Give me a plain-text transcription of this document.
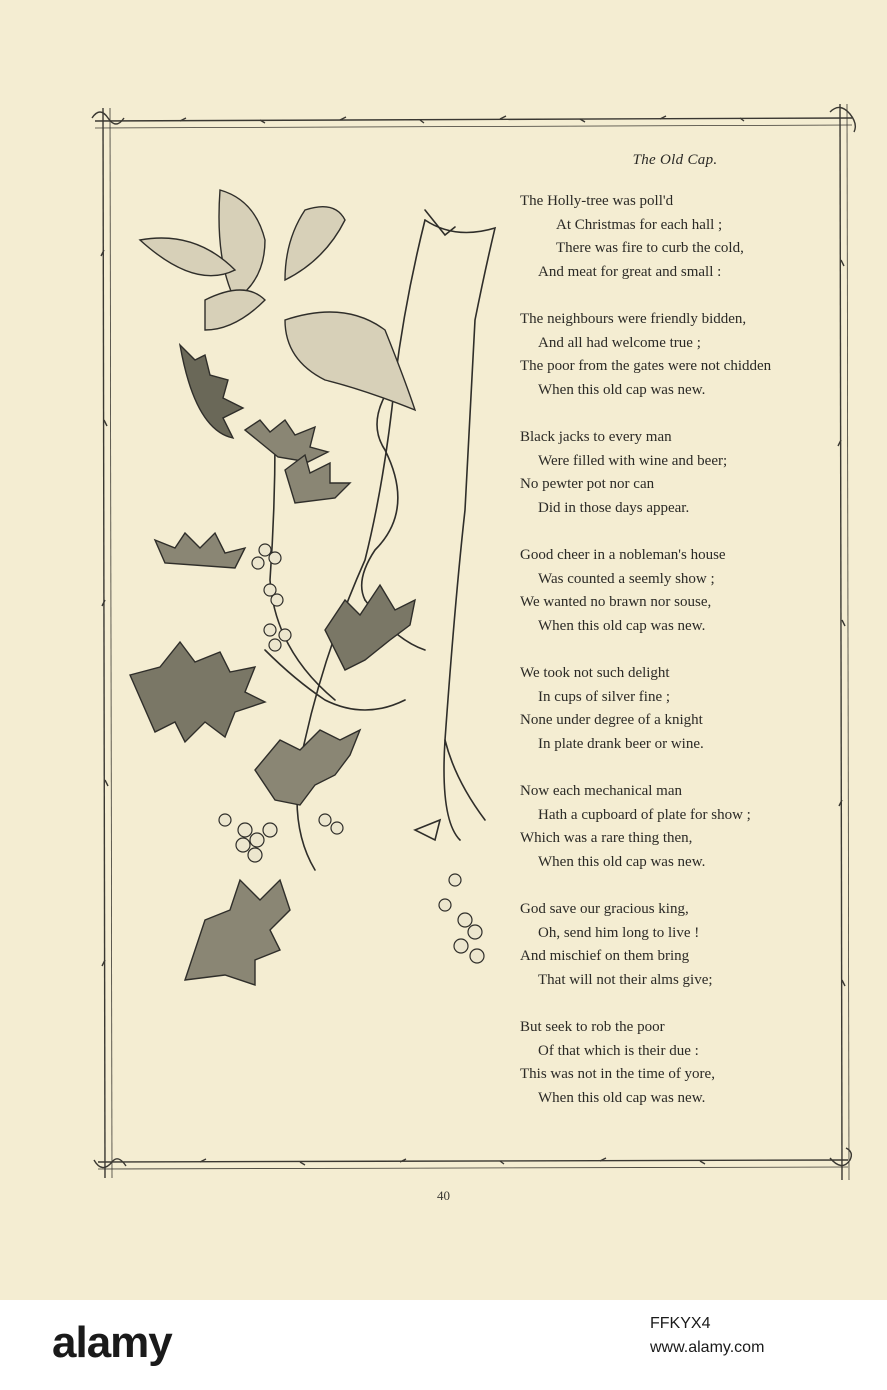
The Old Cap.
The Holly-tree was poll'd
At Christmas for each hall ;
There was fire to curb the cold,
And meat for great and small :
The neighbours were friendly bidden,
And all had welcome true ;
The poor from the gates were not chidden
When this old cap was new.
Black jacks to every man
Were filled with wine and beer;
No pewter pot nor can
Did in those days appear.
Good cheer in a nobleman's house
Was counted a seemly show ;
We wanted no brawn nor souse,
When this old cap was new.
We took not such delight
In cups of silver fine ;
None under degree of a knight
In plate drank beer or wine.
Now each mechanical man
Hath a cupboard of plate for show ;
Which was a rare thing then,
When this old cap was new.
God save our gracious king,
Oh, send him long to live !
And mischief on them bring
That will not their alms give;
But seek to rob the poor
Of that which is their due :
This was not in the time of yore,
When this old cap was new.
40
alamy	FFKYX4
www.alamy.com
